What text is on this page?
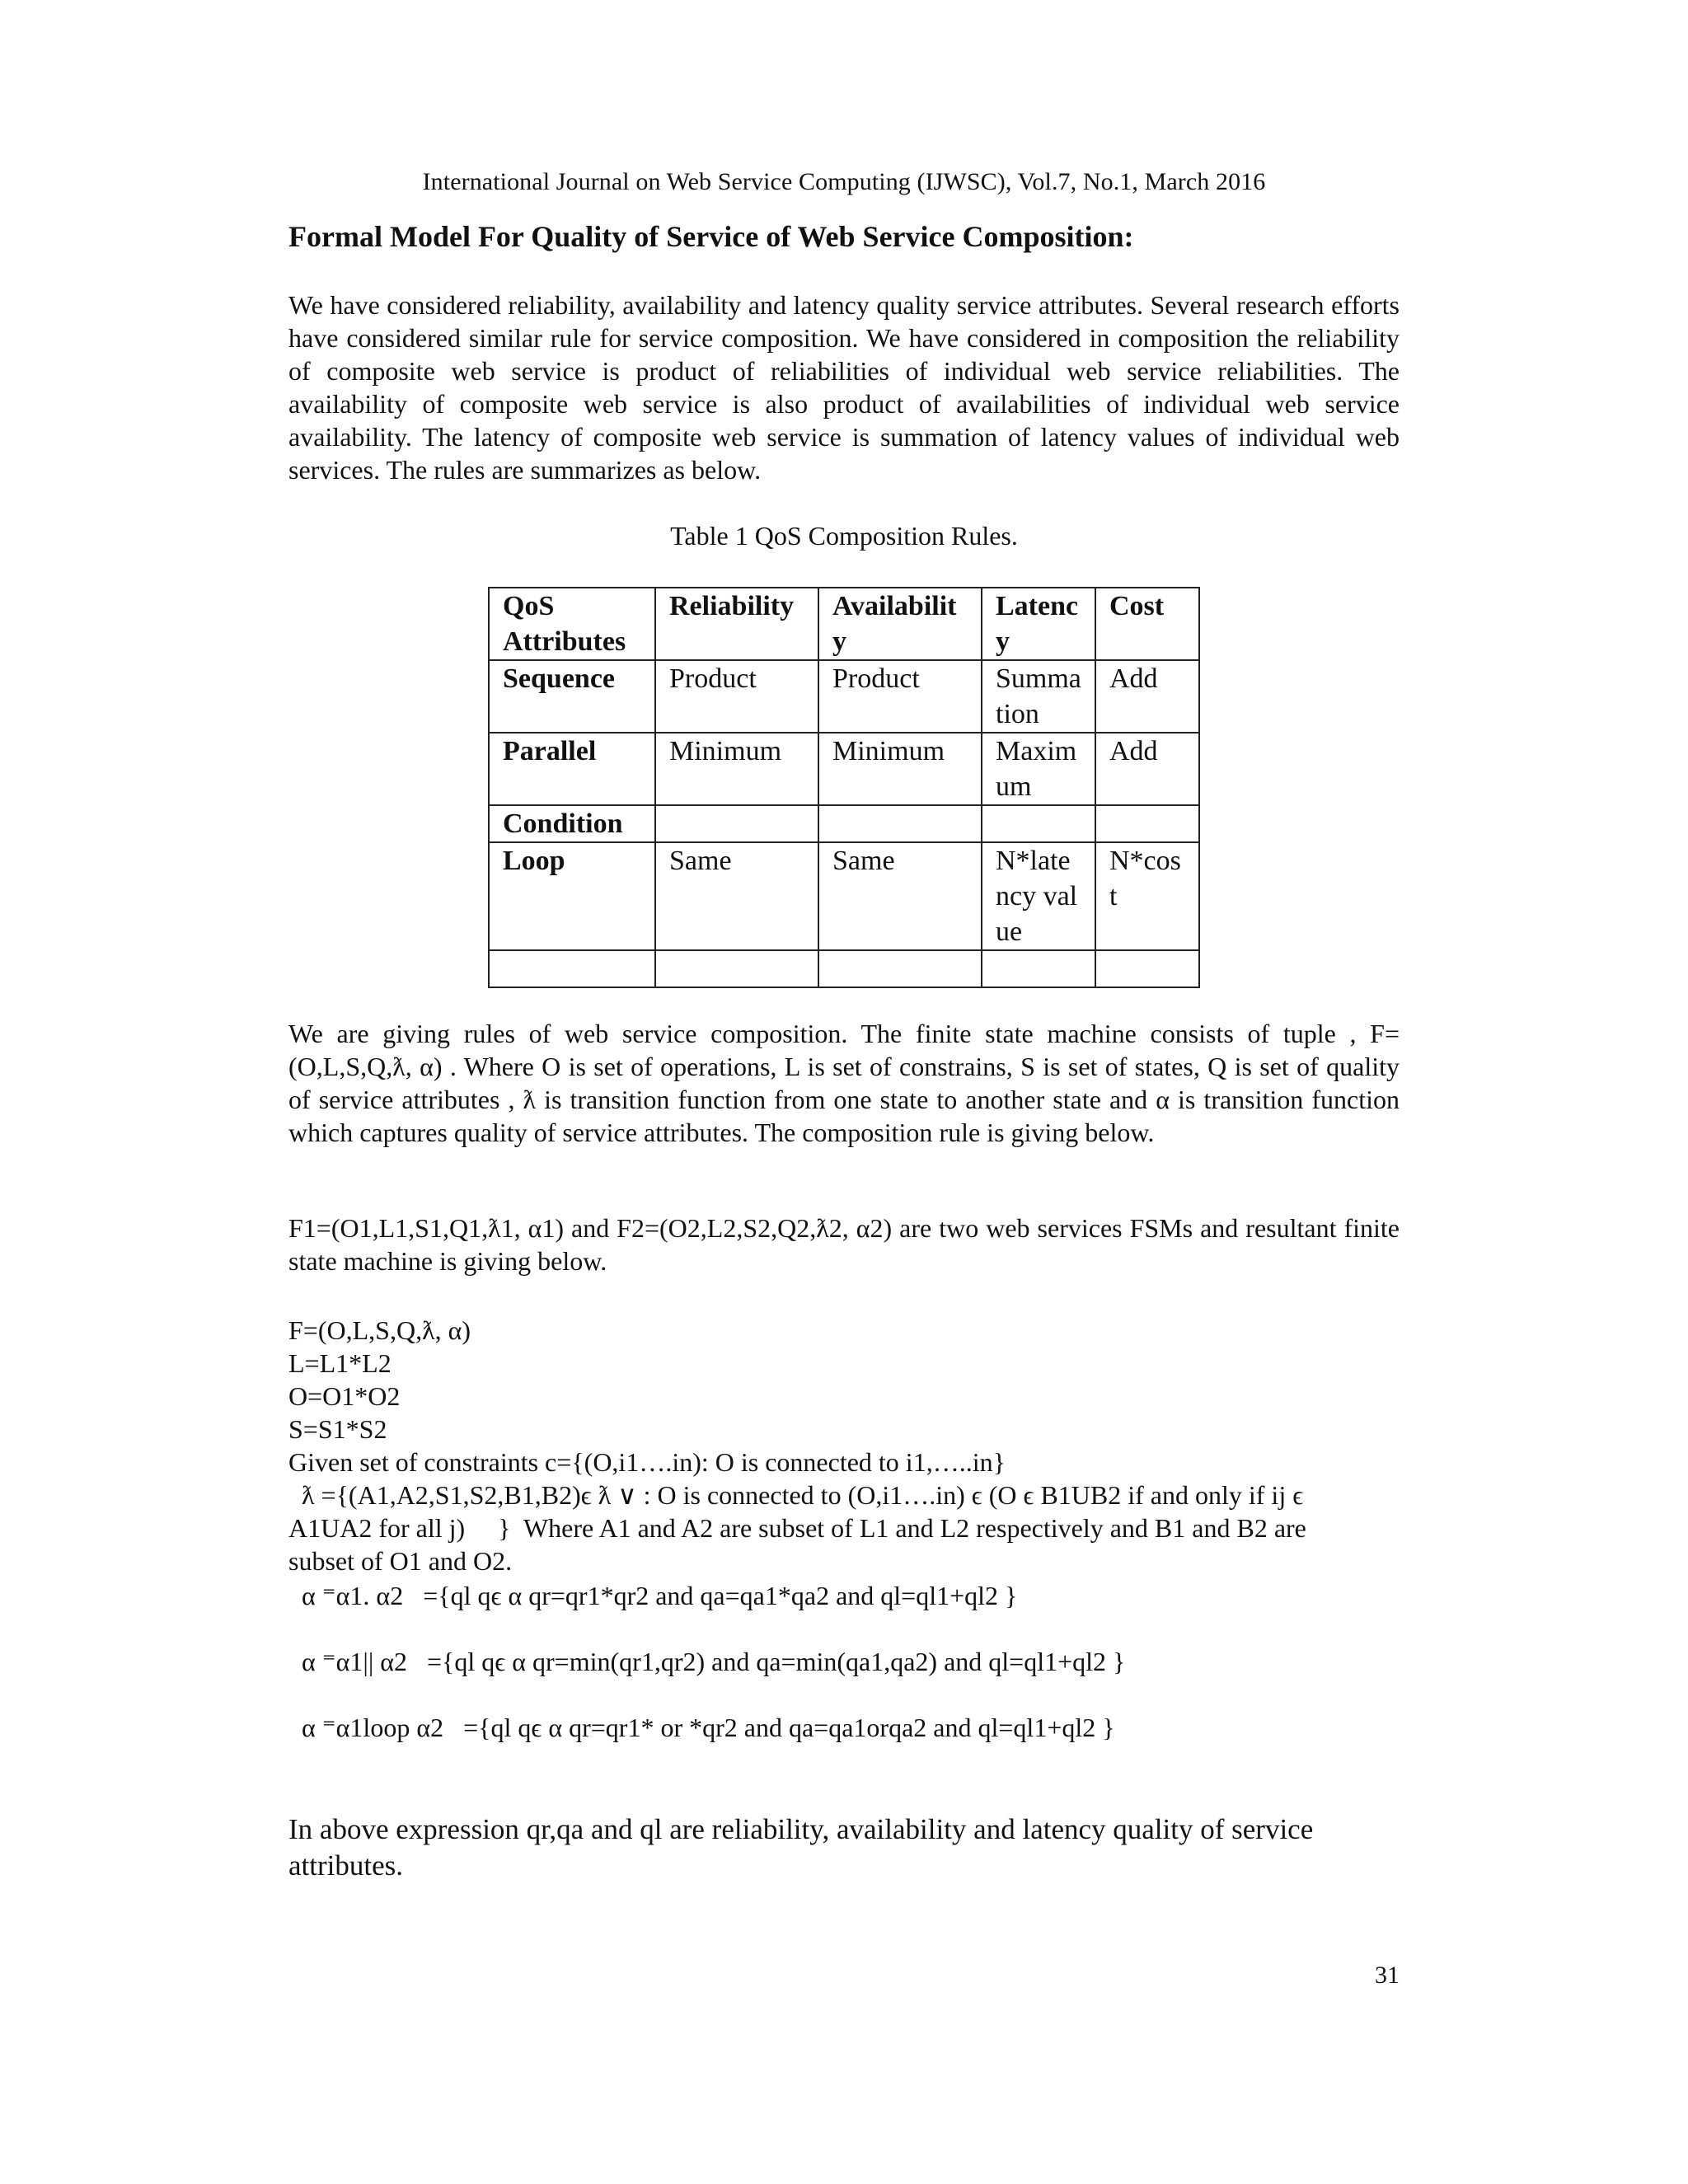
International Journal on Web Service Computing (IJWSC), Vol.7, No.1, March 2016
Formal Model For Quality of Service of Web Service Composition:

We have considered reliability, availability and latency quality service attributes. Several research efforts have considered similar rule for service composition. We have considered in composition the reliability of composite web service is product of reliabilities of individual web service reliabilities. The availability of composite web service is also product of availabilities of individual web service availability. The latency of composite web service is summation of latency values of individual web services. The rules are summarizes as below.

Table 1 QoS Composition Rules.
QoS Attributes	Reliability	Availability	Latency	Cost
Sequence	Product	Product	Summation	Add
Parallel	Minimum	Minimum	Maximum	Add
Condition				
Loop	Same	Same	N*latency value	N*cost

We are giving rules of web service composition. The finite state machine consists of tuple , F=(O,L,S,Q,ƛ, α) . Where O is set of operations, L is set of constrains, S is set of states, Q is set of quality of service attributes , ƛ is transition function from one state to another state and α is transition function which captures quality of service attributes. The composition rule is giving below.

F1=(O1,L1,S1,Q1,ƛ1, α1) and F2=(O2,L2,S2,Q2,ƛ2, α2) are two web services FSMs and resultant finite state machine is giving below.

F=(O,L,S,Q,ƛ, α)
L=L1*L2
O=O1*O2
S=S1*S2
Given set of constraints c={(O,i1….in): O is connected to i1,…..in}
ƛ ={(A1,A2,S1,S2,B1,B2)ϵ ƛ ∨ : O is connected to (O,i1….in) ϵ (O ϵ B1UB2 if and only if ij ϵ
A1UA2 for all j)     }  Where A1 and A2 are subset of L1 and L2 respectively and B1 and B2 are
subset of O1 and O2.
α ⁼α1. α2   ={ql qϵ α qr=qr1*qr2 and qa=qa1*qa2 and ql=ql1+ql2 }
α ⁼α1|| α2   ={ql qϵ α qr=min(qr1,qr2) and qa=min(qa1,qa2) and ql=ql1+ql2 }
α ⁼α1loop α2   ={ql qϵ α qr=qr1* or *qr2 and qa=qa1orqa2 and ql=ql1+ql2 }

In above expression qr,qa and ql are reliability, availability and latency quality of service attributes.

31
